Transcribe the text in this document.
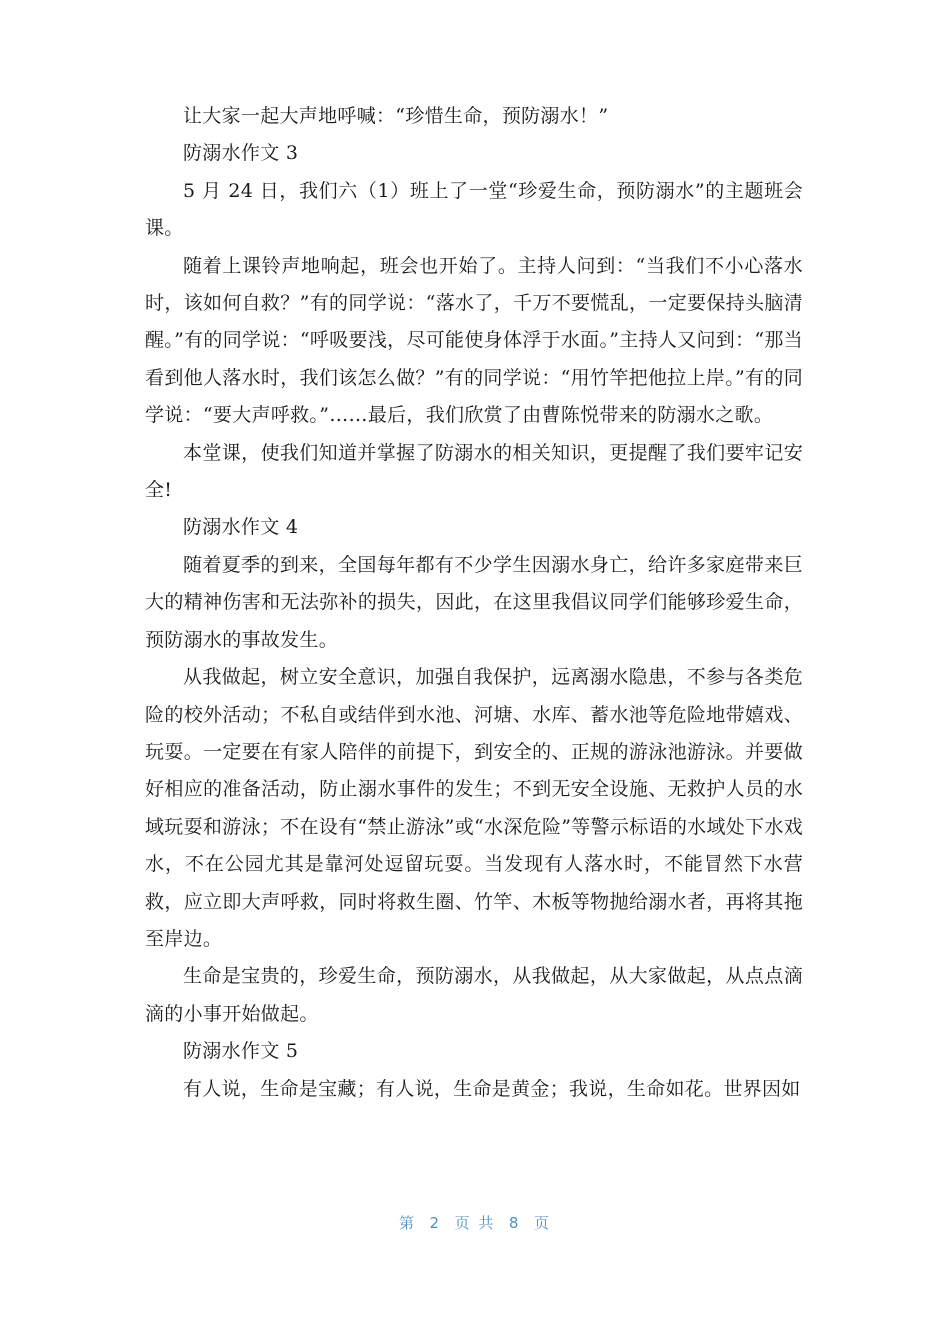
让大家一起大声地呼喊：“珍惜生命，预防溺水！”

防溺水作文 3

5 月 24 日，我们六（1）班上了一堂“珍爱生命，预防溺水”的主题班会课。

随着上课铃声地响起，班会也开始了。主持人问到：“当我们不小心落水时，该如何自救？”有的同学说：“落水了，千万不要慌乱，一定要保持头脑清醒。”有的同学说：“呼吸要浅，尽可能使身体浮于水面。”主持人又问到：“那当看到他人落水时，我们该怎么做？”有的同学说：“用竹竿把他拉上岸。”有的同学说：“要大声呼救。”……最后，我们欣赏了由曹陈悦带来的防溺水之歌。

本堂课，使我们知道并掌握了防溺水的相关知识，更提醒了我们要牢记安全!

防溺水作文 4

随着夏季的到来，全国每年都有不少学生因溺水身亡，给许多家庭带来巨大的精神伤害和无法弥补的损失，因此，在这里我倡议同学们能够珍爱生命，预防溺水的事故发生。

从我做起，树立安全意识，加强自我保护，远离溺水隐患，不参与各类危险的校外活动；不私自或结伴到水池、河塘、水库、蓄水池等危险地带嬉戏、玩耍。一定要在有家人陪伴的前提下，到安全的、正规的游泳池游泳。并要做好相应的准备活动，防止溺水事件的发生；不到无安全设施、无救护人员的水域玩耍和游泳；不在设有“禁止游泳”或“水深危险”等警示标语的水域处下水戏水，不在公园尤其是靠河处逗留玩耍。当发现有人落水时，不能冒然下水营救，应立即大声呼救，同时将救生圈、竹竿、木板等物抛给溺水者，再将其拖至岸边。

生命是宝贵的，珍爱生命，预防溺水，从我做起，从大家做起，从点点滴滴的小事开始做起。

防溺水作文 5

有人说，生命是宝藏；有人说，生命是黄金；我说，生命如花。世界因如

第  2  页 共  8  页
